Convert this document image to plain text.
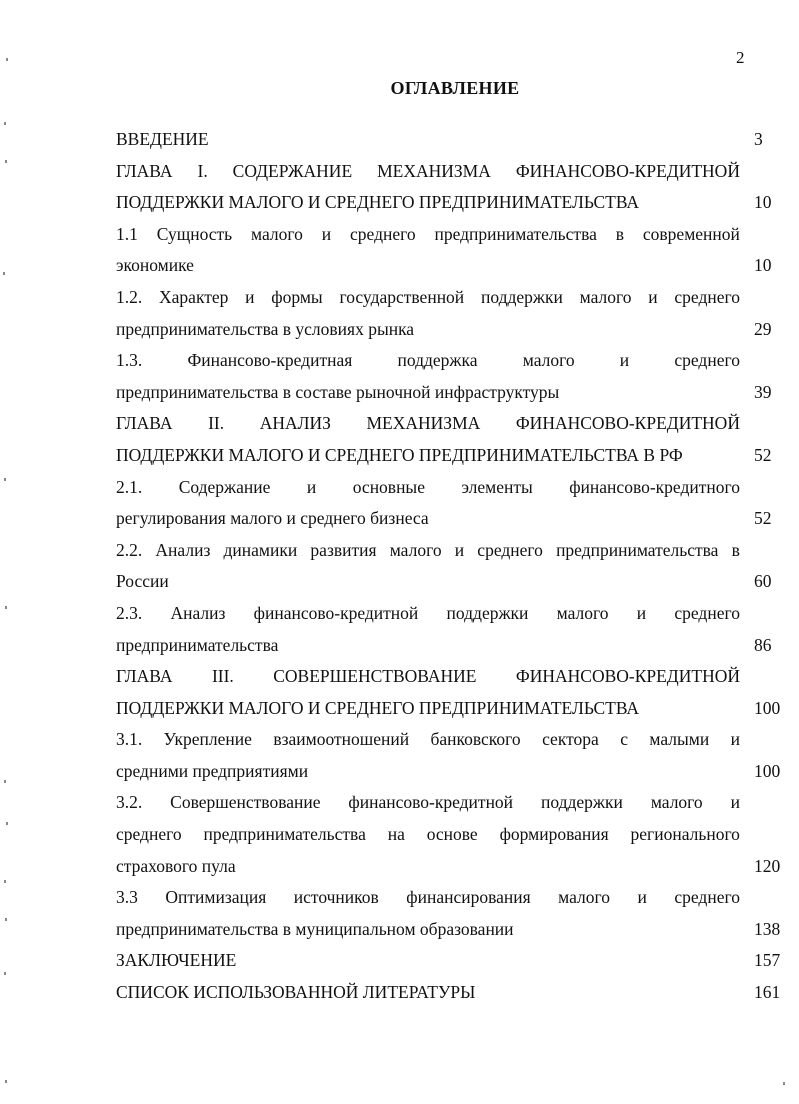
2
ОГЛАВЛЕНИЕ
ВВЕДЕНИЕ	3
ГЛАВА I. СОДЕРЖАНИЕ МЕХАНИЗМА ФИНАНСОВО-КРЕДИТНОЙ
ПОДДЕРЖКИ МАЛОГО И СРЕДНЕГО ПРЕДПРИНИМАТЕЛЬСТВА	10
1.1 Сущность малого и среднего предпринимательства в современной
экономике	10
1.2. Характер и формы государственной поддержки малого и среднего
предпринимательства в условиях рынка	29
1.3.	Финансово-кредитная	поддержка	малого	и	среднего
предпринимательства в составе рыночной инфраструктуры	39
ГЛАВА II. АНАЛИЗ МЕХАНИЗМА ФИНАНСОВО-КРЕДИТНОЙ
ПОДДЕРЖКИ МАЛОГО И СРЕДНЕГО ПРЕДПРИНИМАТЕЛЬСТВА В РФ	52
2.1. Содержание и основные элементы финансово-кредитного
регулирования малого и среднего бизнеса	52
2.2. Анализ динамики развития малого и среднего предпринимательства в
России	60
2.3. Анализ финансово-кредитной поддержки малого и среднего
предпринимательства	86
ГЛАВА III. СОВЕРШЕНСТВОВАНИЕ ФИНАНСОВО-КРЕДИТНОЙ
ПОДДЕРЖКИ МАЛОГО И СРЕДНЕГО ПРЕДПРИНИМАТЕЛЬСТВА	100
3.1. Укрепление взаимоотношений банковского сектора с малыми и
средними предприятиями	100
3.2. Совершенствование финансово-кредитной поддержки малого и
среднего предпринимательства на основе формирования регионального
страхового пула	120
3.3 Оптимизация источников финансирования малого и среднего
предпринимательства в муниципальном образовании	138
ЗАКЛЮЧЕНИЕ	157
СПИСОК ИСПОЛЬЗОВАННОЙ ЛИТЕРАТУРЫ	161
